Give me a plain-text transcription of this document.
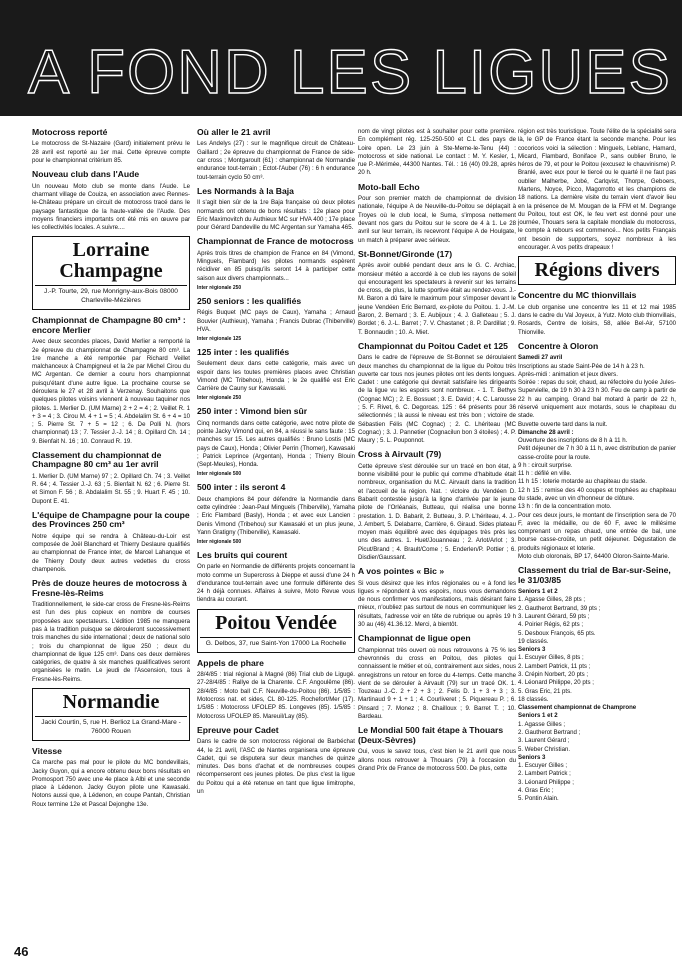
A FOND LES LIGUES
Motocross reporté

Le motocross de St-Nazaire (Gard) initialement prévu le 28 avril est reporté au 1er mai. Cette épreuve compte pour le championnat critérium 85.

Nouveau club dans l'Aude

Un nouveau Moto club se monte dans l'Aude. Le charmant village de Couiza, en association avec Rennes-le-Château prépare un circuit de motocross tracé dans le paysage fantastique de la haute-vallée de l'Aude. Des moyens financiers importants ont été mis en œuvre par les collectivités locales. A suivre....

Lorraine Champagne
J.-P. Tourte, 29, rue Monrigny-aux-Bois 08000 Charleville-Mézières
Championnat de Champagne 80 cm³ : encore Merlier

Avec deux secondes places, David Merlier a remporté la 2e épreuve du championnat de Champagne 80 cm³. La 1re manche a été remportée par Richard Veillet malchanceux à Champigneul et la 2e par Michel Cirou du MC Argentan. Ce dernier a couru hors championnat puisqu'étant d'une autre ligue. La prochaine course se déroulera le 27 et 28 avril à Verzenay. Souhaitons que quelques pilotes voisins viennent à nouveau taquiner nos pilotes. 1. Merlier D. (UM Marne) 2 + 2 = 4 ; 2. Veillet R. 1 + 3 = 4 ; 3. Cirou M. 4 + 1 = 5 ; 4. Abdelalim St. 6 + 4 = 10 ; 5. Pierre St. 7 + 5 = 12 ; 6. De Polli N. (hors championnat) 13 ; 7. Tessier J.-J. 14 ; 8. Opillard Ch. 14 ; 9. Bienfait N. 16 ; 10. Conraud R. 19.

Classement du championnat de Champagne 80 cm³ au 1er avril

1. Merlier D. (UM Marne) 97 ; 2. Opillard Ch. 74 ; 3. Veillet R. 64 ; 4. Tessier J.-J. 63 ; 5. Bienfait N. 62 ; 6. Pierre St. et Simon F. 56 ; 8. Abdalalim St. 55 ; 9. Huart F. 45 ; 10. Dupont E. 41.

L'équipe de Champagne pour la coupe des Provinces 250 cm³

Notre équipe qui se rendra à Château-du-Loir est composée de Joël Blanchard et Thierry Deslaure qualifiés au championnat de France inter, de Marcel Lahanque et de Thierry Douty deux autres vedettes du cross champenois.

Près de douze heures de motocross à Fresne-lès-Reims

Traditionnellement, le side-car cross de Fresne-lès-Reims est l'un des plus copieux en nombre de courses proposées aux spectateurs. L'édition 1985 ne manquera pas à la tradition puisque se dérouleront successivement trois manches du side international ; deux de national solo ; trois du championnat de ligue 250 ; deux du championnat de ligue 125 cm³. Dans ces deux dernières catégories, de quatre à six manches qualificatives seront organisées le matin. Le jeudi de l'Ascension, tous à Fresne-lès-Reims.

Normandie
Jacki Courtin, 5, rue H. Berlioz La Grand-Mare - 76000 Rouen
Vitesse

Ca marche pas mal pour le pilote du MC bondevillais, Jacky Guyon, qui a encore obtenu deux bons résultats en Promosport 750 avec une 4e place à Albi et une seconde place à Lédenon. Jacky Guyon pilote une Kawasaki. Notons aussi que, à Lédenon, en coupe Pantah, Christian Roux termine 12e et Pascal Dejonghe 13e.

Où aller le 21 avril

Les Andelys (27) : sur le magnifique circuit de Château-Gaillard ; 2e épreuve du championnat de France de side-car cross ; Montgaroult (61) : championnat de Normandie endurance tout-terrain ; Ectot-l'Auber (76) : 6 h endurance tout-terrain cyclo 50 cm³.

Les Normands à la Baja

Il s'agit bien sûr de la 1re Baja française où deux pilotes normands ont obtenu de bons résultats : 12e place pour Eric Maximovitch du Authieux MC sur HVA 400 ; 17e place pour Gérard Dandeville du MC Argentan sur Yamaha 465.

Championnat de France de motocross

Après trois titres de champion de France en 84 (Vimond, Minguels, Flambard) les pilotes normands espèrent récidiver en 85 puisqu'ils seront 14 à participer cette saison aux divers championnats...

Inter régionale 250
250 seniors : les qualifiés

Régis Buquet (MC pays de Caux), Yamaha ; Arnaud Bouvier (Authieux), Yamaha ; Francis Dubrac (Thiberville) HVA.

Inter régionale 125
125 inter : les qualifiés

Seulement deux dans cette catégorie, mais avec un espoir dans les toutes premières places avec Christian Vimond (MC Tribehou), Honda ; le 2e qualifié est Eric Carrière de Cauny sur Kawasaki.

Inter régionale 250
250 inter : Vimond bien sûr

Cinq normands dans cette catégorie, avec notre pilote de pointe Jacky Vimond qui, en 84, a réussi le sans faute : 15 manches sur 15. Les autres qualifiés : Bruno Lostis (MC pays de Caux), Honda ; Olivier Perrin (Thomer), Kawasaki ; Patrick Leprince (Argentan), Honda ; Thierry Blouin (Sept-Meules), Honda.

Inter régionale 500
500 inter : ils seront 4

Deux champions 84 pour défendre la Normandie dans cette cylindrée : Jean-Paul Minguels (Thiberville), Yamaha ; Eric Flambard (Basly), Honda ; et avec eux Lancien : Denis Vimond (Tribehou) sur Kawasaki et un plus jeune, Yann Gratigny (Thiberville), Kawasaki.

Inter régionale 500
Les bruits qui courent

On parle en Normandie de différents projets concernant la moto comme un Supercross à Dieppe et aussi d'une 24 h d'endurance tout-terrain avec une formule différente des 24 h déjà connues. Affaires à suivre, Moto Revue vous tiendra au courant.

Poitou Vendée
G. Delbos, 37, rue Saint-Yon 17000 La Rochelle
Appels de phare

28/4/85 : trial régional à Magné (86) Trial club de Ligugé. 27-28/4/85 : Rallye de la Charente. C.F. Angoulême (86). 28/4/85 : Moto ball C.F. Neuville-du-Poitou (86). 1/5/85 : Motocross nat. et sides, CL 80-125. Rochefort/Mer (17). 1/5/85 : Motocross UFOLEP 85. Longeves (85). 1/5/85 : Motocross UFOLEP 85. Mareuil/Lay (85).

Epreuve pour Cadet

Dans le cadre de son motocross régional de Barbéchat 44, le 21 avril, l'ASC de Nantes organisera une épreuve Cadet, qui se disputera sur deux manches de quinze minutes. Des bons d'achat et de nombreuses coupes récompenseront ces jeunes pilotes. De plus c'est la ligue du Poitou qui a été retenue en tant que ligue limitrophe, un

nom de vingt pilotes est à souhaiter pour cette première. En complément rég. 125-250-500 et C.L des pays de Loire open. Le 23 juin à Ste-Meme-le-Tenu (44) : motocross et side national. Le contact : M. Y. Kesler, 1, rue P.-Mérimée, 44300 Nantes. Tél. : 16 (40) 09.28, après 20 h.

Moto-ball Echo

Pour son premier match de championnat de division nationale, l'équipe A de Neuville-du-Poitou se déplaçait à Troyes où le club local, le Suma, s'imposa nettement devant nos gars du Poitou sur le score de 4 à 1. Le 28 avril sur leur terrain, ils recevront l'équipe A de Houlgate, un match à préparer avec sérieux.

St-Bonnet/Gironde (17)

Après avoir oublié pendant deux ans le G. C. Archiac, monsieur météo a accordé à ce club les rayons de soleil qui encouragent les spectateurs à revenir sur les terrains de cross, de plus, la lutte sportive était au rendez-vous. J.-M. Baron a dû faire le maximum pour s'imposer devant le jeune Vendéen Eric Bernard, ex-pilote du Poitou. 1. J.-M. Baron, 2. Bernard ; 3. E. Aubijoux ; 4. J. Galleteau ; 5. J. Bordet ; 6. J.-L. Barret ; 7. V. Chastanet ; 8. P. Dardillat ; 9. T. Bonnaudin ; 10. A. Miet.

Championnat du Poitou Cadet et 125

Dans le cadre de l'épreuve de St-Bonnet se déroulaient deux manches du championnat de la ligue du Poitou très ouverte car tous nos jeunes pilotes ont les dents longues. Cadet : une catégorie qui devrait satisfaire les dirigeants de la ligue vu les espoirs sont nombreux. - 1. T. Bethys (Cognac MC) ; 2. E. Bossuet ; 3. E. David ; 4. C. Larousse ; 5. F. Rivet, 6. C. Degorcas. 125 : 64 présents pour 36 sélectionnés ; là aussi le niveau est très bon ; victoire de Sébastien Félis (MC Cognac) ; 2. C. Lhériteau (MC Cognac) ; 3. J. Pannetier (Cognacilun bon 3 étoiles) ; 4. P. Maury ; 5. L. Pouponnot.

Cross à Airvault (79)

Cette épreuve s'est déroulée sur un tracé en bon état, à bonne visibilité pour le public qui comme d'habitude était nombreux, organisation du M.C. Airvault dans la tradition et l'accueil de la région. Nat. : victoire du Vendéen D. Babarit contestée jusqu'à la ligne d'arrivée par le jeune pilote de l'Orléanais, Butteau, qui réalisa une bonne prestation. 1. D. Babarit, 2. Butteau, 3. P. L'hériteau, 4. J.-J. Ambert, 5. Delabarre, Carrière, 6. Giraud. Sides plateau moyen mais équilibré avec des équipages très près les uns des autres. 1. Huet/Jouanneau ; 2. Arlot/Arlot ; 3. Picut/Brand ; 4. Brault/Come ; 5. Enderlen/P. Pottier ; 6. Disdier/Gaussant.

A vos pointes « Bic »

Si vous désirez que les infos régionales ou « à fond les ligues » répondent à vos espoirs, nous vous demandons de nous confirmer vos manifestations, mais désirant faire mieux, n'oubliez pas surtout de nous en communiquer les résultats, l'adresse voir en tête de rubrique ou après 19 h 30 au (46) 41.36.12. Merci, à bientôt.

Championnat de ligue open

Championnat très ouvert où nous retrouvons à 75 % les chevronnés du cross en Poitou, des pilotes qui connaissent le métier et où, contrairement aux sides, nous enregistrons un retour en force du 4-temps. Cette manche vient de se dérouler à Airvault (79) sur un tracé OK. 1. Touzeau J.-C. 2 + 2 + 3 ; 2. Felis D. 1 + 3 + 3 ; 3. Martinaud 9 + 1 + 1 ; 4. Courliveret ; 5. Piquereau P. ; 6. Pinsard ; 7. Monez ; 8. Chailloux ; 9. Barret T. ; 10. Bardeau.

Le Mondial 500 fait étape à Thouars (Deux-Sèvres)

Oui, vous le savez tous, c'est bien le 21 avril que nous allons nous retrouver à Thouars (79) à l'occasion du Grand Prix de France de motocross 500. De plus, cette

région est très touristique. Toute l'élite de la spécialité sera là, le GP de France étant la seconde manche. Pour les cocoricos voici la sélection : Minguels, Leblanc, Hamard, Micard, Flambard, Boniface P., sans oublier Bruno, le héros de 79, et pour le Poitou (excusez le chauvinisme) P. Branlé, avec eux pour le tiercé ou le quarté il ne faut pas oublier Malherbe, Jobé, Carlqvist, Thorpe, Geboers, Martens, Noyce, Picco, Magorrotto et les champions de 18 nations. La dernière visite du terrain vient d'avoir lieu en la présence de M. Mougan de la FFM et M. Degrange du Poitou, tout est OK, le feu vert est donné pour une journée, Thouars sera la capitale mondiale du motocross, le compte à rebours est commencé... Nos petits Français ont besoin de supporters, soyez nombreux à les encourager. A vos petits drapeaux !

Régions divers
Concentre du MC thionvillais

Le club organise une concentre les 11 et 12 mai 1985 dans le cadre du Val Joyeux, à Yutz. Moto club thionvillais, Rosards, Centre de loisirs, 58, allée Bel-Air, 57100 Thionville.

Concentre à Oloron

Samedi 27 avril

Inscriptions au stade Saint-Pée de 14 h à 23 h.

Après-midi : animation et jeux divers.

Soirée : repas du soir, chaud, au réfectoire du lycée Jules-Supervielle, de 19 h 30 à 23 h 30. Feu de camp à partir de 22 h au camping. Grand bal motard à partir de 22 h, réservé uniquement aux motards, sous le chapiteau du stade.

Buvette ouverte tard dans la nuit.

Dimanche 28 avril :

Ouverture des inscriptions de 8 h à 11 h.

Petit déjeuner de 7 h 30 à 11 h, avec distribution de panier casse-croûte pour la route.

9 h : circuit surprise.

11 h : défilé en ville.

11 h 15 : loterie motarde au chapiteau du stade.

12 h 15 : remise des 40 coupes et trophées au chapiteau du stade, avec un vin d'honneur de clôture.

13 h : fin de la concentration moto.

Pour ces deux jours, le montant de l'inscription sera de 70 F, avec la médaille, ou de 60 F, avec le millésime comprenant un repas chaud, une entrée de bal, une bourse casse-croûte, un petit déjeuner. Dégustation de produits régionaux et loterie.

Moto club oloronais, BP 17, 64400 Oloron-Sainte-Marie.

Classement du trial de Bar-sur-Seine, le 31/03/85

Seniors 1 et 2

1. Agasse Gilles, 28 pts ;

2. Gautherot Bertrand, 39 pts ;

3. Laurent Gérard, 59 pts ;

4. Poirier Régis, 62 pts ;

5. Desboux François, 65 pts.

19 classés.

Seniors 3

1. Escuyer Gilles, 8 pts ;

2. Lambert Patrick, 11 pts ;

3. Crépin Norbert, 20 pts ;

4. Léonard Philippe, 20 pts ;

5. Gras Eric, 21 pts.

18 classés.

Classement championnat de Champrone

Seniors 1 et 2

1. Agasse Gilles ;

2. Gautherot Bertrand ;

3. Laurent Gérard ;

5. Weber Christian.

Seniors 3

1. Escuyer Gilles ;

2. Lambert Patrick ;

3. Léonard Philippe ;

4. Gras Eric ;

5. Pontin Alain.

46
